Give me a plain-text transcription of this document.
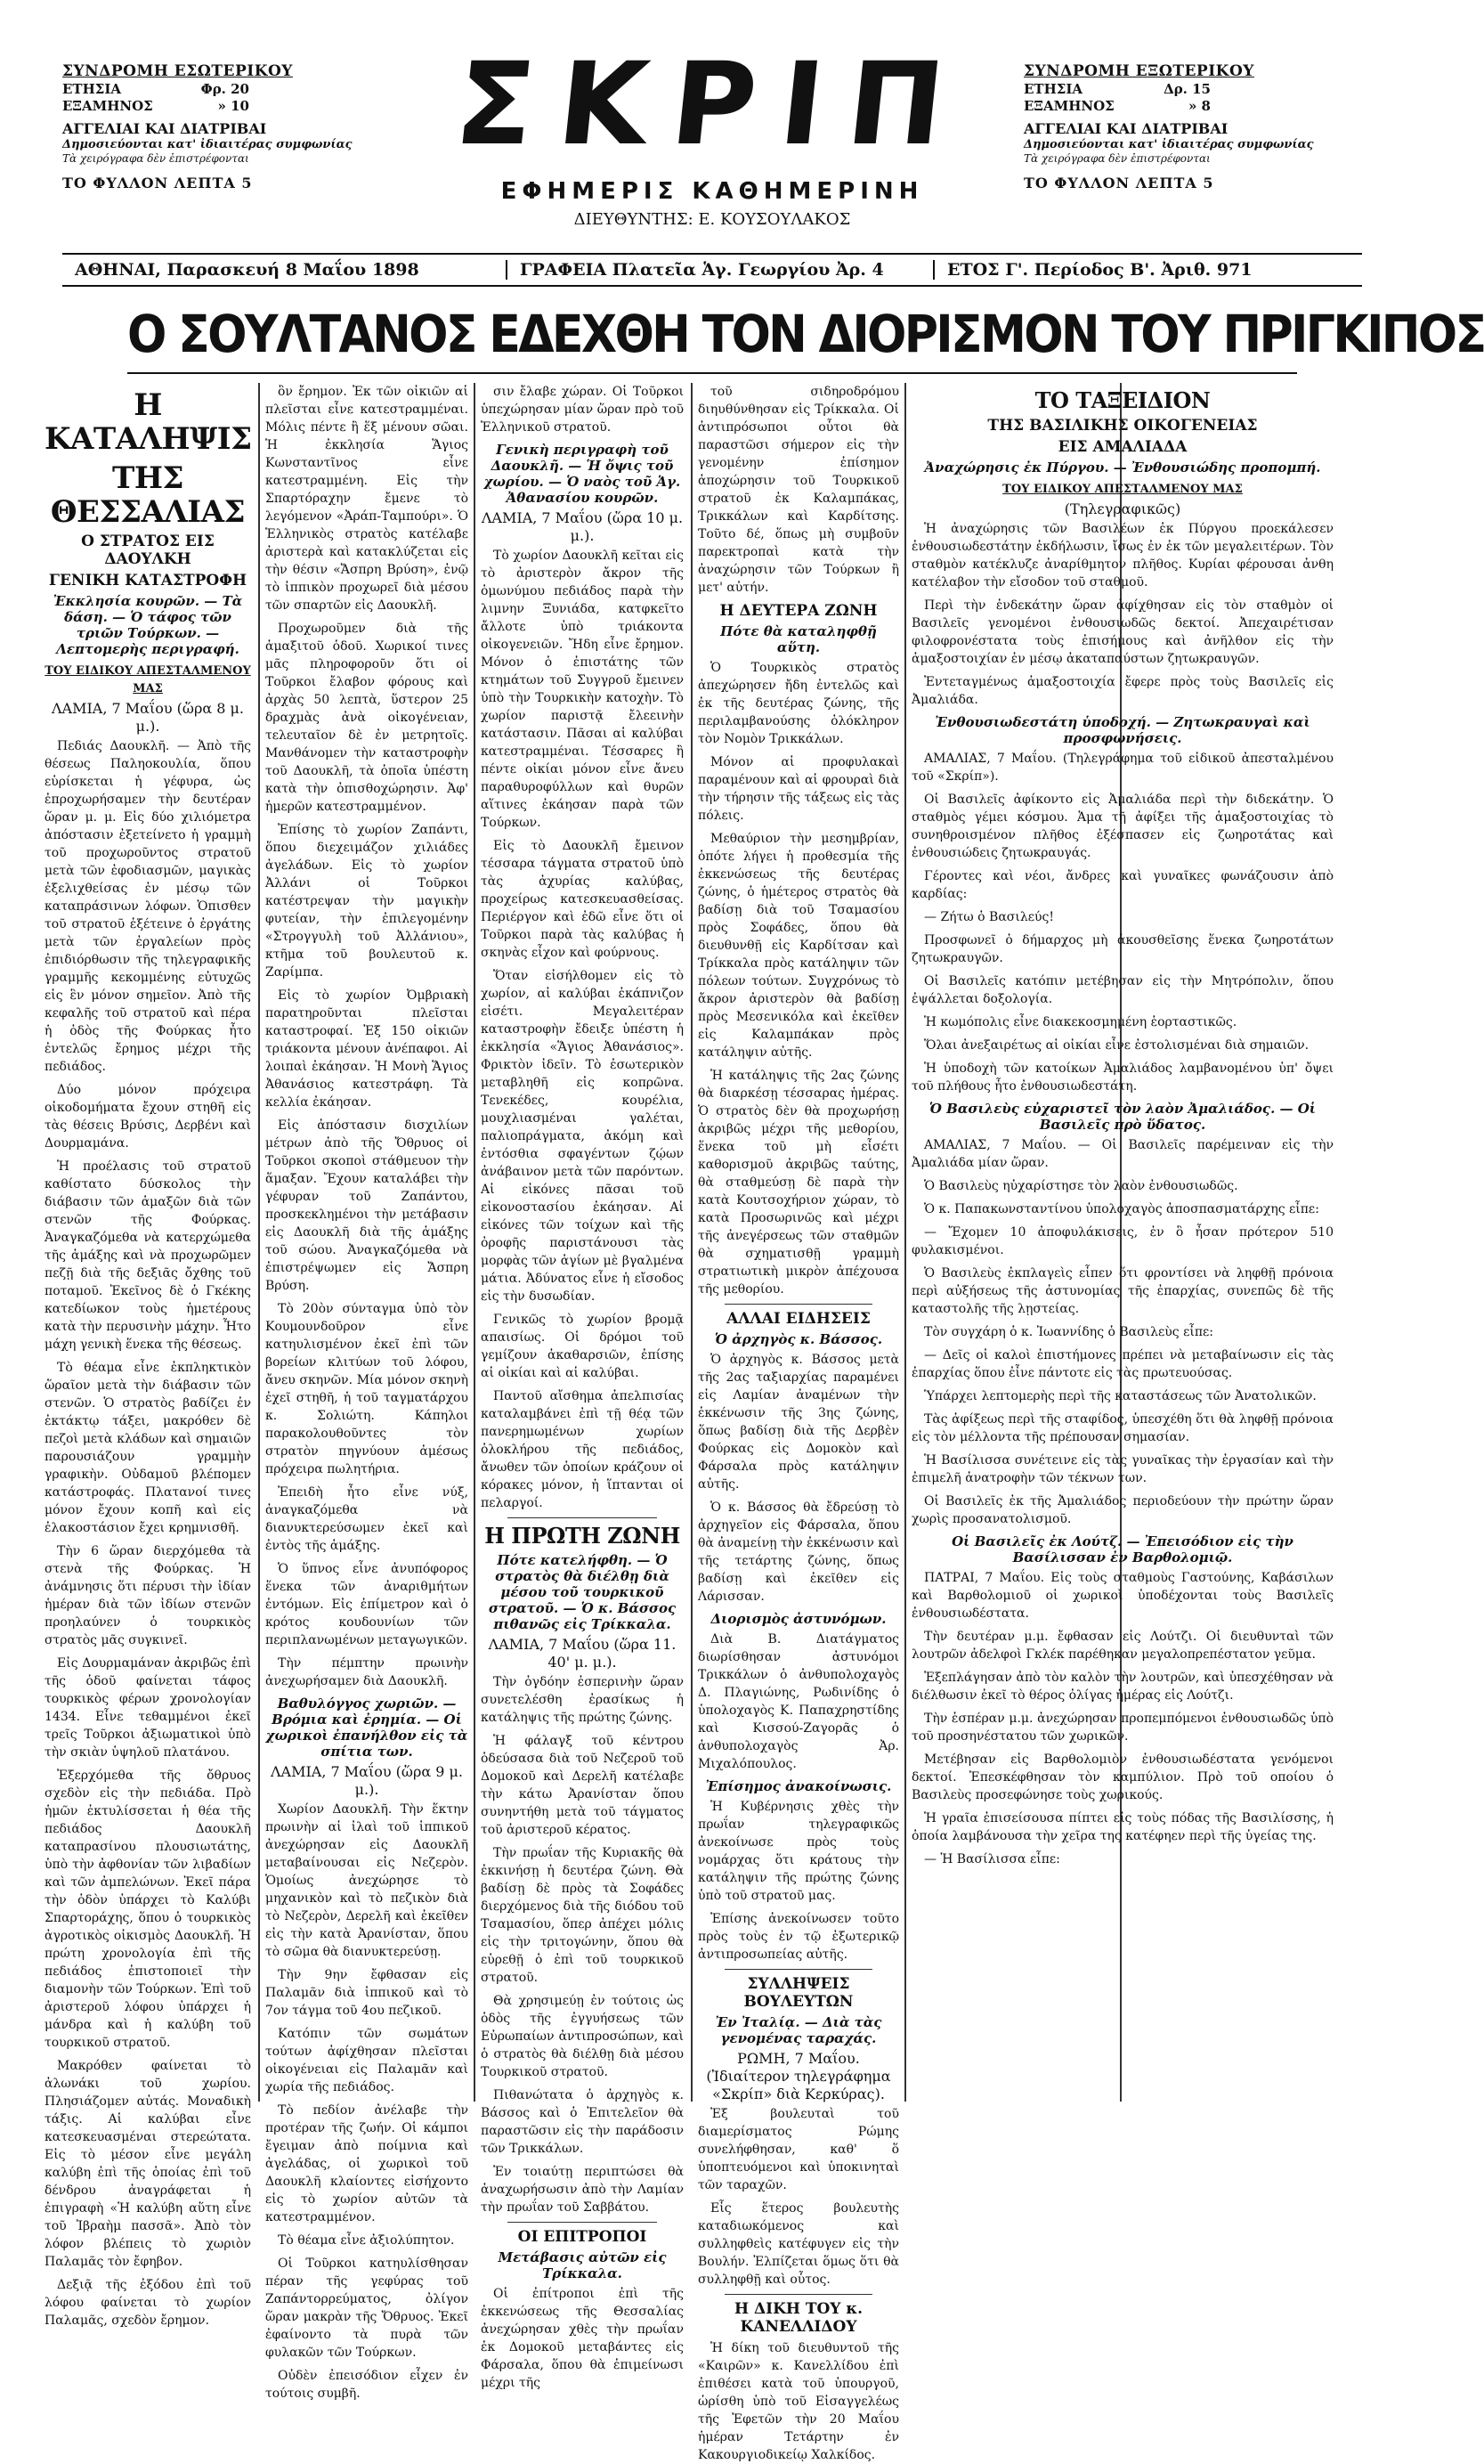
ΣΥΝΔΡΟΜΗ ΕΣΩΤΕΡΙΚΟΥ
ΕΤΗΣΙΑ	Φρ. 20
ΕΞΑΜΗΝΟΣ	» 10
ΑΓΓΕΛΙΑΙ ΚΑΙ ΔΙΑΤΡΙΒΑΙ
Δημοσιεύονται κατ' ἰδιαιτέρας συμφωνίας
Τὰ χειρόγραφα δὲν ἐπιστρέφονται
ΤΟ ΦΥΛΛΟΝ ΛΕΠΤΑ 5
ΣΚΡΙΠ
ΕΦΗΜΕΡΙΣ ΚΑΘΗΜΕΡΙΝΗ
ΔΙΕΥΘΥΝΤΗΣ: Ε. ΚΟΥΣΟΥΛΑΚΟΣ
ΣΥΝΔΡΟΜΗ ΕΞΩΤΕΡΙΚΟΥ
ΕΤΗΣΙΑ	Δρ. 15
ΕΞΑΜΗΝΟΣ	» 8
ΑΓΓΕΛΙΑΙ ΚΑΙ ΔΙΑΤΡΙΒΑΙ
Δημοσιεύονται κατ' ἰδιαιτέρας συμφωνίας
Τὰ χειρόγραφα δὲν ἐπιστρέφονται
ΤΟ ΦΥΛΛΟΝ ΛΕΠΤΑ 5
ΑΘΗΝΑΙ, Παρασκευή 8 Μαΐου 1898	ΓΡΑΦΕΙΑ Πλατεῖα Ἁγ. Γεωργίου Ἀρ. 4	ΕΤΟΣ Γ'. Περίοδος Β'. Ἀριθ. 971
Ο ΣΟΥΛΤΑΝΟΣ ΕΔΕΧΘΗ ΤΟΝ ΔΙΟΡΙΣΜΟΝ ΤΟΥ ΠΡΙΓΚΙΠΟΣ
Η ΚΑΤΑΛΗΨΙΣ
ΤΗΣ ΘΕΣΣΑΛΙΑΣ
Ο ΣΤΡΑΤΟΣ ΕΙΣ ΔΑΟΥΛΚΗ
ΓΕΝΙΚΗ ΚΑΤΑΣΤΡΟΦΗ
Ἐκκλησία κουρῶν. — Τὰ δάση. — Ὁ τάφος τῶν τριῶν Τούρκων. — Λεπτομερὴς περιγραφή.
ΤΟΥ ΕΙΔΙΚΟΥ ΑΠΕΣΤΑΛΜΕΝΟΥ ΜΑΣ
ΛΑΜΙΑ, 7 Μαΐου (ὥρα 8 μ. μ.).

Πεδιάς Δαουκλῆ. — Ἀπὸ τῆς θέσεως Παληοκουλία, ὅπου εὑρίσκεται ἡ γέφυρα, ὡς ἐπροχωρήσαμεν τὴν δευτέραν ὥραν μ. μ. Εἰς δύο χιλιόμετρα ἀπόστασιν ἐξετείνετο ἡ γραμμὴ τοῦ προχωροῦντος στρατοῦ μετὰ τῶν ἐφοδιασμῶν, μαγικὰς ἐξελιχθείσας ἐν μέσῳ τῶν καταπράσινων λόφων. Ὁπισθεν τοῦ στρατοῦ ἐξέτεινε ὁ ἐργάτης μετὰ τῶν ἐργαλείων πρὸς ἐπιδιόρθωσιν τῆς τηλεγραφικῆς γραμμῆς κεκομμένης εὐτυχῶς εἰς ἓν μόνον σημεῖον. Ἀπὸ τῆς κεφαλῆς τοῦ στρατοῦ καὶ πέρα ἡ ὁδὸς τῆς Φούρκας ἦτο ἐντελῶς ἔρημος μέχρι τῆς πεδιάδος.

Δύο μόνον πρόχειρα οἰκοδομήματα ἔχουν στηθῆ εἰς τὰς θέσεις Βρύσις, Δερβένι καὶ Δουρμαμάνα.

Ἡ προέλασις τοῦ στρατοῦ καθίστατο δύσκολος τὴν διάβασιν τῶν ἁμαξῶν διὰ τῶν στενῶν τῆς Φούρκας. Ἀναγκαζόμεθα νὰ κατερχώμεθα τῆς ἁμάξης καὶ νὰ προχωρῶμεν πεζῇ διὰ τῆς δεξιᾶς ὄχθης τοῦ ποταμοῦ. Ἐκεῖνος δὲ ὁ Γκέκης κατεδίωκον τοὺς ἡμετέρους κατὰ τὴν περυσινὴν μάχην. Ἦτο μάχη γενικὴ ἕνεκα τῆς θέσεως.

Τὸ θέαμα εἶνε ἐκπληκτικὸν ὥραῖον μετὰ τὴν διάβασιν τῶν στενῶν. Ὁ στρατὸς βαδίζει ἐν ἐκτάκτῳ τάξει, μακρόθεν δὲ πεζοὶ μετὰ κλάδων καὶ σημαιῶν παρουσιάζουν γραμμὴν γραφικὴν. Οὐδαμοῦ βλέπομεν κατάστροφάς. Πλατανοί τινες μόνον ἔχουν κοπῆ καὶ εἰς ἐλακοστάσιον ἔχει κρημνισθῆ.

Τὴν 6 ὥραν διερχόμεθα τὰ στενὰ τῆς Φούρκας. Ἡ ἀνάμνησις ὅτι πέρυσι τὴν ἰδίαν ἡμέραν διὰ τῶν ἰδίων στενῶν προηλαύνεν ὁ τουρκικὸς στρατὸς μᾶς συγκινεῖ.

Εἰς Δουρμαμάναν ἀκριβῶς ἐπὶ τῆς ὁδοῦ φαίνεται τάφος τουρκικὸς φέρων χρονολογίαν 1434. Εἶνε τεθαμμένοι ἐκεῖ τρεῖς Τοῦρκοι ἀξιωματικοὶ ὑπὸ τὴν σκιὰν ὑψηλοῦ πλατάνου.

Ἐξερχόμεθα τῆς ὄθρυος σχεδὸν εἰς τὴν πεδιάδα. Πρὸ ἡμῶν ἐκτυλίσσεται ἡ θέα τῆς πεδιάδος Δαουκλῆ καταπρασίνου πλουσιωτάτης, ὑπὸ τὴν ἀφθονίαν τῶν λιβαδίων καὶ τῶν ἀμπελώνων. Ἐκεῖ πάρα τὴν ὁδὸν ὑπάρχει τὸ Καλύβι Σπαρτοράχης, ὅπου ὁ τουρκικὸς ἀγροτικὸς οἰκισμὸς Δαουκλῆ. Ἡ πρώτη χρονολογία ἐπὶ τῆς πεδιάδος ἐπιστοποιεῖ τὴν διαμονὴν τῶν Τούρκων. Ἐπὶ τοῦ ἀριστεροῦ λόφου ὑπάρχει ἡ μάνδρα καὶ ἡ καλύβη τοῦ τουρκικοῦ στρατοῦ.

Μακρόθεν φαίνεται τὸ ἀλωνάκι τοῦ χωρίου. Πλησιάζομεν αὐτάς. Μοναδικὴ τάξις. Αἱ καλύβαι εἶνε κατεσκευασμέναι στερεώτατα. Εἰς τὸ μέσον εἶνε μεγάλη καλύβη ἐπὶ τῆς ὁποίας ἐπὶ τοῦ δένδρου ἀναγράφεται ἡ ἐπιγραφὴ «Ἡ καλύβη αὕτη εἶνε τοῦ Ἰβραὴμ πασσᾶ». Ἀπὸ τὸν λόφον βλέπεις τὸ χωριὸν Παλαμᾶς τὸν ἔφηβον.

Δεξιᾷ τῆς ἐξόδου ἐπὶ τοῦ λόφου φαίνεται τὸ χωρίον Παλαμᾶς, σχεδὸν ἔρημον.

ὂν ἔρημον. Ἐκ τῶν οἰκιῶν αἱ πλεῖσται εἶνε κατεστραμμέναι. Μόλις πέντε ἢ ἕξ μένουν σῶαι. Ἡ ἐκκλησία Ἅγιος Κωνσταντῖνος εἶνε κατεστραμμένη. Εἰς τὴν Σπαρτόραχην ἔμενε τὸ λεγόμενον «Ἀράπ-Ταμπούρι». Ὁ Ἑλληνικὸς στρατὸς κατέλαβε ἀριστερὰ καὶ κατακλύζεται εἰς τὴν θέσιν «Ἄσπρη Βρύση», ἐνῷ τὸ ἱππικὸν προχωρεῖ διὰ μέσου τῶν σπαρτῶν εἰς Δαουκλῆ.

Προχωροῦμεν διὰ τῆς ἁμαξιτοῦ ὁδοῦ. Χωρικοί τινες μᾶς πληροφοροῦν ὅτι οἱ Τοῦρκοι ἔλαβον φόρους καὶ ἀρχὰς 50 λεπτὰ, ὕστερον 25 δραχμὰς ἀνὰ οἰκογένειαν, τελευταῖον δὲ ἐν μετρητοῖς. Μανθάνομεν τὴν καταστροφὴν τοῦ Δαουκλῆ, τὰ ὁποῖα ὑπέστη κατὰ τὴν ὀπισθοχώρησιν. Ἀφ' ἡμερῶν κατεστραμμένον.

Ἐπίσης τὸ χωρίον Ζαπάντι, ὅπου διεχειμάζον χιλιάδες ἀγελάδων. Εἰς τὸ χωρίον Ἀλλάνι οἱ Τοῦρκοι κατέστρεψαν τὴν μαγικὴν φυτείαν, τὴν ἐπιλεγομένην «Στρογγυλὴ τοῦ Ἀλλάνιου», κτῆμα τοῦ βουλευτοῦ κ. Ζαρίμπα.

Εἰς τὸ χωρίον Ὀμβριακὴ παρατηροῦνται πλεῖσται καταστροφαί. Ἐξ 150 οἰκιῶν τριάκοντα μένουν ἀνέπαφοι. Αἱ λοιπαὶ ἐκάησαν. Ἡ Μονὴ Ἅγιος Ἀθανάσιος κατεστράφη. Τὰ κελλία ἐκάησαν.

Εἰς ἀπόστασιν δισχιλίων μέτρων ἀπὸ τῆς Ὄθρυος οἱ Τοῦρκοι σκοποὶ στάθμευον τὴν ἅμαξαν. Ἔχουν καταλάβει τὴν γέφυραν τοῦ Ζαπάντου, προσκεκλημένοι τὴν μετάβασιν εἰς Δαουκλῆ διὰ τῆς ἁμάξης τοῦ σώου. Ἀναγκαζόμεθα νὰ ἐπιστρέψωμεν εἰς Ἄσπρη Βρύση.

Τὸ 20ὸν σύνταγμα ὑπὸ τὸν Κουμουνδοῦρον εἶνε κατηυλισμένον ἐκεῖ ἐπὶ τῶν βορείων κλιτύων τοῦ λόφου, ἄνευ σκηνῶν. Μία μόνον σκηνὴ ἐχεῖ στηθῆ, ἡ τοῦ ταγματάρχου κ. Σολιώτη. Κάπηλοι παρακολουθοῦντες τὸν στρατὸν πηγνύουν ἀμέσως πρόχειρα πωλητήρια.

Ἐπειδὴ ἦτο εἶνε νύξ, ἀναγκαζόμεθα νὰ διανυκτερεύσωμεν ἐκεῖ καὶ ἐντὸς τῆς ἁμάξης.

Ὁ ὕπνος εἶνε ἀνυπόφορος ἕνεκα τῶν ἀναριθμήτων ἐντόμων. Εἰς ἐπίμετρον καὶ ὁ κρότος κουδουνίων τῶν περιπλανωμένων μεταγωγικῶν.

Τὴν πέμπτην πρωινὴν ἀνεχωρήσαμεν διὰ Δαουκλῆ.

Βαθυλόγγος χωριῶν. — Βρόμια καὶ ἐρημία. — Οἱ χωρικοὶ ἐπανήλθον εἰς τὰ σπίτια των.
ΛΑΜΙΑ, 7 Μαΐου (ὥρα 9 μ. μ.).

Χωρίον Δαουκλῆ. Τὴν ἕκτην πρωινὴν αἱ ἰλαὶ τοῦ ἱππικοῦ ἀνεχώρησαν εἰς Δαουκλῆ μεταβαίνουσαι εἰς Νεζερὸν. Ὁμοίως ἀνεχώρησε τὸ μηχανικὸν καὶ τὸ πεζικὸν διὰ τὸ Νεζερὸν, Δερελῆ καὶ ἐκεῖθεν εἰς τὴν κατὰ Ἀρανίσταν, ὅπου τὸ σῶμα θὰ διανυκτερεύσῃ.

Τὴν 9ην ἔφθασαν εἰς Παλαμᾶν διὰ ἱππικοῦ καὶ τὸ 7ον τάγμα τοῦ 4ου πεζικοῦ.

Κατόπιν τῶν σωμάτων τούτων ἀφίχθησαν πλεῖσται οἰκογένειαι εἰς Παλαμᾶν καὶ χωρία τῆς πεδιάδος.

Τὸ πεδίον ἀνέλαβε τὴν προτέραν τῆς ζωήν. Οἱ κάμποι ἔγειμαν ἀπὸ ποίμνια καὶ ἀγελάδας, οἱ χωρικοὶ τοῦ Δαουκλῆ κλαίοντες εἰσήχοντο εἰς τὸ χωρίον αὐτῶν τὰ κατεστραμμένον.

Τὸ θέαμα εἶνε ἀξιολύπητον.

Οἱ Τοῦρκοι κατηυλίσθησαν πέραν τῆς γεφύρας τοῦ Ζαπάντορρεύματος, ὀλίγον ὥραν μακρὰν τῆς Ὄθρυος. Ἐκεῖ ἐφαίνοντο τὰ πυρὰ τῶν φυλακῶν τῶν Τούρκων.

Οὐδὲν ἐπεισόδιον εἶχεν ἐν τούτοις συμβῆ.

σιν ἔλαβε χώραν. Οἱ Τοῦρκοι ὑπεχώρησαν μίαν ὥραν πρὸ τοῦ Ἑλληνικοῦ στρατοῦ.

Γενικὴ περιγραφὴ τοῦ Δαουκλῆ. — Ἡ ὄψις τοῦ χωρίου. — Ὁ ναὸς τοῦ Ἁγ. Ἀθανασίου κουρῶν.
ΛΑΜΙΑ, 7 Μαΐου (ὥρα 10 μ. μ.).

Τὸ χωρίον Δαουκλῆ κεῖται εἰς τὸ ἀριστερὸν ἄκρον τῆς ὁμωνύμου πεδιάδος παρὰ τὴν λιμνην Ξυνιάδα, κατφκεῖτο ἄλλοτε ὑπὸ τριάκοντα οἰκογενειῶν. Ἤδη εἶνε ἔρημον. Μόνον ὁ ἐπιστάτης τῶν κτημάτων τοῦ Συγγροῦ ἔμεινεν ὑπὸ τὴν Τουρκικὴν κατοχὴν. Τὸ χωρίον παριστᾷ ἔλεεινὴν κατάστασιν. Πᾶσαι αἱ καλύβαι κατεστραμμέναι. Τέσσαρες ἢ πέντε οἰκίαι μόνον εἶνε ἄνευ παραθυροφύλλων καὶ θυρῶν αἵτινες ἐκάησαν παρὰ τῶν Τούρκων.

Εἰς τὸ Δαουκλῆ ἔμεινον τέσσαρα τάγματα στρατοῦ ὑπὸ τὰς ἀχυρίας καλύβας, προχείρως κατεσκευασθείσας. Περιέργον καὶ ἐδῶ εἶνε ὅτι οἱ Τοῦρκοι παρὰ τὰς καλύβας ἡ σκηνὰς εἶχον καὶ φούρνους.

Ὅταν εἰσήλθομεν εἰς τὸ χωρίον, αἱ καλύβαι ἐκάπνιζον εἰσέτι. Μεγαλειτέραν καταστροφὴν ἔδειξε ὑπέστη ἡ ἐκκλησία «Ἅγιος Ἀθανάσιος». Φρικτὸν ἰδεῖν. Τὸ ἐσωτερικὸν μεταβληθῆ εἰς κοπρῶνα. Τενεκέδες, κουρέλια, μουχλιασμέναι γαλέται, παλιοπράγματα, ἀκόμη καὶ ἐντόσθια σφαγέντων ζῴων ἀνάβαινον μετὰ τῶν παρόντων. Αἱ εἰκόνες πᾶσαι τοῦ εἰκονοστασίου ἐκάησαν. Αἱ εἰκόνες τῶν τοίχων καὶ τῆς ὀροφῆς παριστάνουσι τὰς μορφὰς τῶν ἁγίων μὲ βγαλμένα μάτια. Ἀδύνατος εἶνε ἡ εἴσοδος εἰς τὴν δυσωδίαν.

Γενικῶς τὸ χωρίον βρομᾷ απαισίως. Οἱ δρόμοι τοῦ γεμίζουν ἀκαθαρσιῶν, ἐπίσης αἱ οἰκίαι καὶ αἱ καλύβαι.

Παντοῦ αἴσθημα ἀπελπισίας καταλαμβάνει ἐπὶ τῇ θέᾳ τῶν πανερημωμένων χωρίων ὁλοκλήρου τῆς πεδιάδος, ἄνωθεν τῶν ὁποίων κράζουν οἱ κόρακες μόνον, ἡ ἵπτανται οἱ πελαργοί.

Η ΠΡΩΤΗ ΖΩΝΗ
Πότε κατελήφθη. — Ὁ στρατὸς θὰ διέλθῃ διὰ μέσου τοῦ τουρκικοῦ στρατοῦ. — Ὁ κ. Βάσσος πιθανῶς εἰς Τρίκκαλα.
ΛΑΜΙΑ, 7 Μαΐου (ὥρα 11. 40' μ. μ.).

Τὴν ὀγδόην ἑσπερινὴν ὥραν συνετελέσθη ἐρασίκως ἡ κατάληψις τῆς πρώτης ζώνης.

Ἡ φάλαγξ τοῦ κέντρου ὁδεύσασα διὰ τοῦ Νεζεροῦ τοῦ Δομοκοῦ καὶ Δερελῆ κατέλαβε τὴν κάτω Ἀρανίσταν ὅπου συνηντήθη μετὰ τοῦ τάγματος τοῦ ἀριστεροῦ κέρατος.

Τὴν πρωΐαν τῆς Κυριακῆς θὰ ἐκκινήσῃ ἡ δευτέρα ζώνη. Θὰ βαδίσῃ δὲ πρὸς τὰ Σοφάδες διερχόμενος διὰ τῆς διόδου τοῦ Τσαμασίου, ὅπερ ἀπέχει μόλις εἰς τὴν τριτογώνην, ὅπου θὰ εὑρεθῇ ὁ ἐπὶ τοῦ τουρκικοῦ στρατοῦ.

Θὰ χρησιμεύῃ ἐν τούτοις ὡς ὁδὸς τῆς ἐγγυήσεως τῶν Εὐρωπαίων ἀντιπροσώπων, καὶ ὁ στρατὸς θὰ διέλθῃ διὰ μέσου Τουρκικοῦ στρατοῦ.

Πιθανώτατα ὁ ἀρχηγὸς κ. Βάσσος καὶ ὁ Ἐπιτελεῖον θὰ παραστῶσιν εἰς τὴν παράδοσιν τῶν Τρικκάλων.

Ἐν τοιαύτῃ περιπτώσει θὰ ἀναχωρήσωσιν ἀπὸ τὴν Λαμίαν τὴν πρωΐαν τοῦ Σαββάτου.

ΟΙ ΕΠΙΤΡΟΠΟΙ
Μετάβασις αὐτῶν εἰς Τρίκκαλα.

Οἱ ἐπίτροποι ἐπὶ τῆς ἐκκενώσεως τῆς Θεσσαλίας ἀνεχώρησαν χθὲς τὴν πρωΐαν ἐκ Δομοκοῦ μεταβάντες εἰς Φάρσαλα, ὅπου θὰ ἐπιμείνωσι μέχρι τῆς

τοῦ σιδηροδρόμου διηυθύνθησαν εἰς Τρίκκαλα. Οἱ ἀντιπρόσωποι οὗτοι θὰ παραστῶσι σήμερον εἰς τὴν γενομένην ἐπίσημον ἀποχώρησιν τοῦ Τουρκικοῦ στρατοῦ ἐκ Καλαμπάκας, Τρικκάλων καὶ Καρδίτσης. Τοῦτο δέ, ὅπως μὴ συμβοῦν παρεκτροπαὶ κατὰ τὴν ἀναχώρησιν τῶν Τούρκων ἢ μετ' αὐτήν.

Η ΔΕΥΤΕΡΑ ΖΩΝΗ
Πότε θὰ καταληφθῇ αὕτη.

Ὁ Τουρκικὸς στρατὸς ἀπεχώρησεν ἤδη ἐντελῶς καὶ ἐκ τῆς δευτέρας ζώνης, τῆς περιλαμβανούσης ὁλόκληρον τὸν Νομὸν Τρικκάλων.

Μόνον αἱ προφυλακαὶ παραμένουν καὶ αἱ φρουραὶ διὰ τὴν τήρησιν τῆς τάξεως εἰς τὰς πόλεις.

Μεθαύριον τὴν μεσημβρίαν, ὁπότε λήγει ἡ προθεσμία τῆς ἐκκενώσεως τῆς δευτέρας ζώνης, ὁ ἡμέτερος στρατὸς θὰ βαδίσῃ διὰ τοῦ Τσαμασίου πρὸς Σοφάδες, ὅπου θὰ διευθυνθῇ εἰς Καρδίτσαν καὶ Τρίκκαλα πρὸς κατάληψιν τῶν πόλεων τούτων. Συγχρόνως τὸ ἄκρον ἀριστερὸν θὰ βαδίσῃ πρὸς Μεσενικόλα καὶ ἐκεῖθεν εἰς Καλαμπάκαν πρὸς κατάληψιν αὐτῆς.

Ἡ κατάληψις τῆς 2ας ζώνης θὰ διαρκέσῃ τέσσαρας ἡμέρας. Ὁ στρατὸς δὲν θὰ προχωρήσῃ ἀκριβῶς μέχρι τῆς μεθορίου, ἕνεκα τοῦ μὴ εἶσέτι καθορισμοῦ ἀκριβῶς ταύτης, θὰ σταθμεύσῃ δὲ παρὰ τὴν κατὰ Κουτσοχήριον χώραν, τὸ κατὰ Προσωρινῶς καὶ μέχρι τῆς ἀνεγέρσεως τῶν σταθμῶν θὰ σχηματισθῇ γραμμὴ στρατιωτικὴ μικρὸν ἀπέχουσα τῆς μεθορίου.

ΑΛΛΑΙ ΕΙΔΗΣΕΙΣ
Ὁ ἀρχηγὸς κ. Βάσσος.

Ὁ ἀρχηγὸς κ. Βάσσος μετὰ τῆς 2ας ταξιαρχίας παραμένει εἰς Λαμίαν ἀναμένων τὴν ἐκκένωσιν τῆς 3ης ζώνης, ὅπως βαδίσῃ διὰ τῆς Δερβὲν Φούρκας εἰς Δομοκὸν καὶ Φάρσαλα πρὸς κατάληψιν αὐτῆς.

Ὁ κ. Βάσσος θὰ ἔδρεύσῃ τὸ ἀρχηγεῖον εἰς Φάρσαλα, ὅπου θὰ ἀναμείνῃ τὴν ἐκκένωσιν καὶ τῆς τετάρτης ζώνης, ὅπως βαδίσῃ καὶ ἐκεῖθεν εἰς Λάρισσαν.

Διορισμὸς ἀστυνόμων.

Διὰ Β. Διατάγματος διωρίσθησαν ἀστυνόμοι Τρικκάλων ὁ ἀνθυπολοχαγὸς Δ. Πλαγιώνης, Ρωδινίδης ὁ ὑπολοχαγὸς Κ. Παπαχρηστίδης καὶ Κισσού-Ζαγορᾶς ὁ ἀνθυπολοχαγὸς Ἀρ. Μιχαλόπουλος.

Ἐπίσημος ἀνακοίνωσις.

Ἡ Κυβέρνησις χθὲς τὴν πρωΐαν τηλεγραφικῶς ἀνεκοίνωσε πρὸς τοὺς νομάρχας ὅτι κράτους τὴν κατάληψιν τῆς πρώτης ζώνης ὑπὸ τοῦ στρατοῦ μας.

Ἐπίσης ἀνεκοίνωσεν τοῦτο πρὸς τοὺς ἐν τῷ ἐξωτερικῷ ἀντιπροσωπείας αὐτῆς.

ΣΥΛΛΗΨΕΙΣ ΒΟΥΛΕΥΤΩΝ
Ἐν Ἰταλίᾳ. — Διὰ τὰς γενομένας ταραχάς.
ΡΩΜΗ, 7 Μαΐου. (Ἰδιαίτερον τηλεγράφημα «Σκρίπ» διὰ Κερκύρας).

Ἐξ βουλευταὶ τοῦ διαμερίσματος Ρώμης συνελήφθησαν, καθ' ὅ ὑποπτευόμενοι καὶ ὑποκινηταὶ τῶν ταραχῶν.

Εἷς ἕτερος βουλευτὴς καταδιωκόμενος καὶ συλληφθεὶς κατέφυγεν εἰς τὴν Βουλήν. Ἐλπίζεται ὅμως ὅτι θὰ συλληφθῇ καὶ οὗτος.

Η ΔΙΚΗ ΤΟΥ κ. ΚΑΝΕΛΛΙΔΟΥ

Ἡ δίκη τοῦ διευθυντοῦ τῆς «Καιρῶν» κ. Κανελλίδου ἐπὶ ἐπιθέσει κατὰ τοῦ ὑπουργοῦ, ὡρίσθη ὑπὸ τοῦ Εἰσαγγελέως τῆς Ἐφετῶν τὴν 20 Μαΐου ἡμέραν Τετάρτην ἐν Κακουργιοδικείῳ Χαλκίδος.

ΤΟ ΤΑΞΕΙΔΙΟΝ
ΤΗΣ ΒΑΣΙΛΙΚΗΣ ΟΙΚΟΓΕΝΕΙΑΣ
ΕΙΣ ΑΜΑΛΙΑΔΑ
Ἀναχώρησις ἐκ Πύργου. — Ἐνθουσιώδης προπομπή.
ΤΟΥ ΕΙΔΙΚΟΥ ΑΠΕΣΤΑΛΜΕΝΟΥ ΜΑΣ
(Τηλεγραφικῶς)

Ἡ ἀναχώρησις τῶν Βασιλέων ἐκ Πύργου προεκάλεσεν ἐνθουσιωδεστάτην ἐκδήλωσιν, ἴσως ἐν ἐκ τῶν μεγαλειτέρων. Τὸν σταθμὸν κατέκλυζε ἀναρίθμητον πλῆθος. Κυρίαι φέρουσαι ἀνθη κατέλαβον τὴν εἴσοδον τοῦ σταθμοῦ.

Περὶ τὴν ἐνδεκάτην ὥραν ἀφίχθησαν εἰς τὸν σταθμὸν οἱ Βασιλεῖς γενομένοι ἐνθουσιωδῶς δεκτοί. Ἀπεχαιρέτισαν φιλοφρονέστατα τοὺς ἐπισήμους καὶ ἀνῆλθον εἰς τὴν ἁμαξοστοιχίαν ἐν μέσῳ ἀκαταπαύστων ζητωκραυγῶν.

Ἐντεταγμένως ἁμαξοστοιχία ἔφερε πρὸς τοὺς Βασιλεῖς εἰς Ἀμαλιάδα.

Ἐνθουσιωδεστάτη ὑποδοχή. — Ζητωκραυγαὶ καὶ προσφωνήσεις.

ΑΜΑΛΙΑΣ, 7 Μαΐου. (Τηλεγράφημα τοῦ εἰδικοῦ ἀπεσταλμένου τοῦ «Σκρίπ»).

Οἱ Βασιλεῖς ἀφίκοντο εἰς Ἀμαλιάδα περὶ τὴν διδεκάτην. Ὁ σταθμὸς γέμει κόσμου. Ἁμα τῇ ἀφίξει τῆς ἁμαξοστοιχίας τὸ συνηθροισμένον πλῆθος ἐξέσπασεν εἰς ζωηροτάτας καὶ ἐνθουσιώδεις ζητωκραυγάς.

Γέροντες καὶ νέοι, ἄνδρες καὶ γυναῖκες φωνάζουσιν ἀπὸ καρδίας:

— Ζήτω ὁ Βασιλεύς!

Προσφωνεῖ ὁ δήμαρχος μὴ ἀκουσθεῖσης ἕνεκα ζωηροτάτων ζητωκραυγῶν.

Οἱ Βασιλεῖς κατόπιν μετέβησαν εἰς τὴν Μητρόπολιν, ὅπου ἐψάλλεται δοξολογία.

Ἡ κωμόπολις εἶνε διακεκοσμημένη ἑορταστικῶς.

Ὅλαι ἀνεξαιρέτως αἱ οἰκίαι εἶνε ἐστολισμέναι διὰ σημαιῶν.

Ἡ ὑποδοχὴ τῶν κατοίκων Ἀμαλιάδος λαμβανομένου ὑπ' ὄψει τοῦ πλήθους ἦτο ἐνθουσιωδεστάτη.

Ὁ Βασιλεὺς εὐχαριστεῖ τὸν λαὸν Ἀμαλιάδος. — Οἱ Βασιλεῖς πρὸ ὕδατος.

ΑΜΑΛΙΑΣ, 7 Μαΐου. — Οἱ Βασιλεῖς παρέμειναν εἰς τὴν Ἀμαλιάδα μίαν ὥραν.

Ὁ Βασιλεὺς ηὐχαρίστησε τὸν λαὸν ἐνθουσιωδῶς.

Ὁ κ. Παπακωνσταντίνου ὑπολοχαγὸς ἀποσπασματάρχης εἶπε:

— Ἔχομεν 10 ἀποφυλάκισεις, ἐν ὃ ἦσαν πρότερον 510 φυλακισμένοι.

Ὁ Βασιλεὺς ἐκπλαγεὶς εἶπεν ὅτι φροντίσει νὰ ληφθῇ πρόνοια περὶ αὐξήσεως τῆς ἀστυνομίας τῆς ἐπαρχίας, συνεπῶς δὲ τῆς καταστολῆς τῆς λῃστείας.

Τὸν συγχάρη ὁ κ. Ἰωαννίδης ὁ Βασιλεὺς εἶπε:

— Δεῖς οἱ καλοὶ ἐπιστήμονες πρέπει νὰ μεταβαίνωσιν εἰς τὰς ἐπαρχίας ὅπου ἐἶνε πάντοτε εἰς τὰς πρωτευούσας.

Ὑπάρχει λεπτομερὴς περὶ τῆς καταστάσεως τῶν Ἀνατολικῶν.

Τὰς ἀφίξεως περὶ τῆς σταφίδος, ὑπεσχέθη ὅτι θὰ ληφθῇ πρόνοια εἰς τὸν μέλλοντα τῆς πρέπουσαν σημασίαν.

Ἡ Βασίλισσα συνέτεινε εἰς τὰς γυναῖκας τὴν ἐργασίαν καὶ τὴν ἐπιμελῆ ἀνατροφὴν τῶν τέκνων των.

Οἱ Βασιλεῖς ἐκ τῆς Ἀμαλιάδος περιοδεύουν τὴν πρώτην ὥραν χωρὶς προσανατολισμοῦ.

Οἱ Βασιλεῖς ἐκ Λούτζ. — Ἐπεισόδιον εἰς τὴν Βασίλισσαν ἐν Βαρθολομιῷ.

ΠΑΤΡΑΙ, 7 Μαΐου. Εἰς τοὺς σταθμοὺς Γαστούνης, Καβάσιλων καὶ Βαρθολομιοῦ οἱ χωρικοὶ ὑποδέχονται τοὺς Βασιλεῖς ἐνθουσιωδέστατα.

Τὴν δευτέραν μ.μ. ἔφθασαν εἰς Λούτζι. Οἱ διευθυνταὶ τῶν λουτρῶν ἀδελφοὶ Γκλέκ παρέθηκαν μεγαλοπρεπέστατον γεῦμα.

Ἐξεπλάγησαν ἀπὸ τὸν καλὸν τὴν λουτρῶν, καὶ ὑπεσχέθησαν νὰ διέλθωσιν ἐκεῖ τὸ θέρος ὀλίγας ἡμέρας εἰς Λούτζι.

Τὴν ἑσπέραν μ.μ. ἀνεχώρησαν προπεμπόμενοι ἐνθουσιωδῶς ὑπὸ τοῦ προσηνέστατου τῶν χωρικῶν.

Μετέβησαν εἰς Βαρθολομιὸν ἐνθουσιωδέστατα γενόμενοι δεκτοί. Ἐπεσκέφθησαν τὸν καμπύλιον. Πρὸ τοῦ οποίου ὁ Βασιλεὺς προσεφώνησε τοὺς χωρικούς.

Ἡ γραῖα ἐπισείσουσα πίπτει εἰς τοὺς πόδας τῆς Βασιλίσσης, ἡ ὁποία λαμβάνουσα τὴν χεῖρα της κατέφηεν περὶ τῆς ὑγείας της.

— Ἡ Βασίλισσα εἶπε:
